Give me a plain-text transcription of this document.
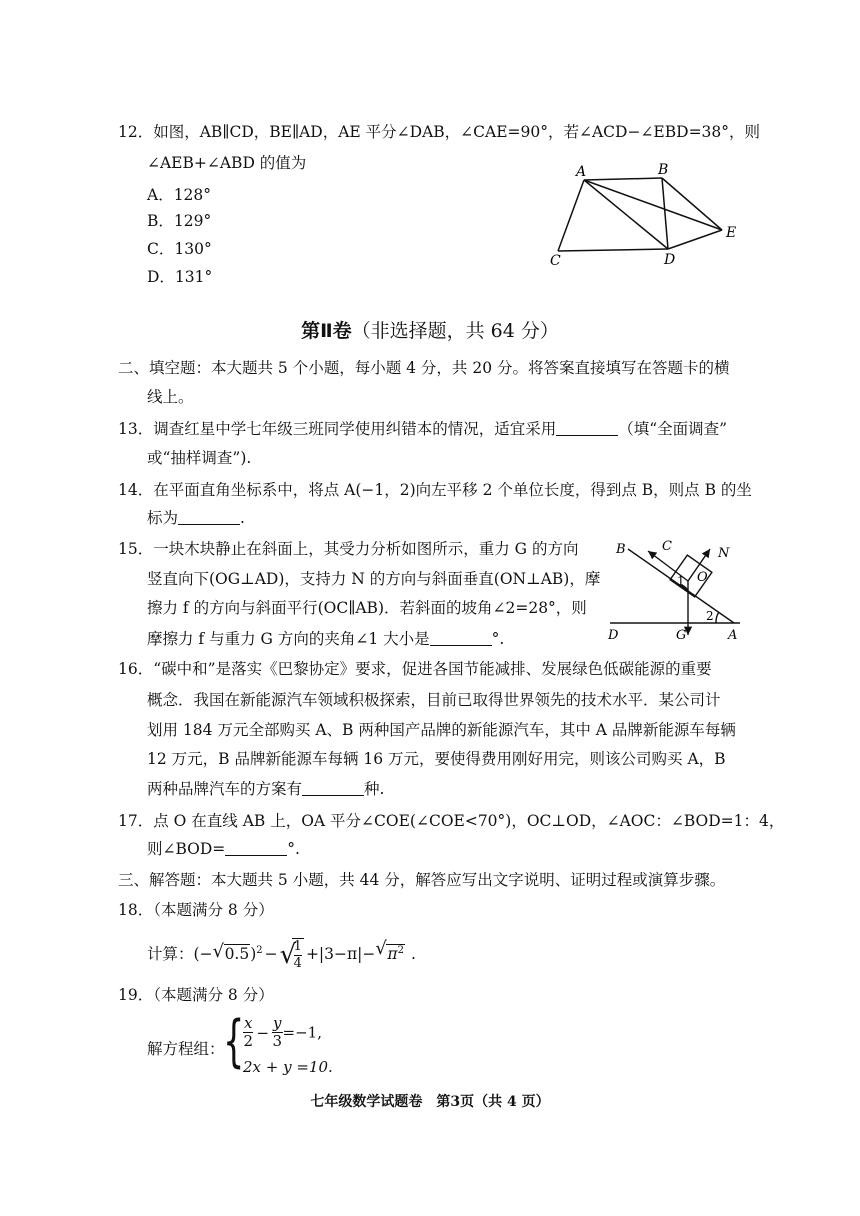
12．如图，AB∥CD，BE∥AD，AE 平分∠DAB，∠CAE=90°，若∠ACD−∠EBD=38°，则
∠AEB+∠ABD 的值为
A．128°
B．129°
C．130°
D．131°
A	B
C	D
E
第Ⅱ卷（非选择题，共 64 分）
二、填空题：本大题共 5 个小题，每小题 4 分，共 20 分。将答案直接填写在答题卡的横
线上。
13．调查红星中学七年级三班同学使用纠错本的情况，适宜采用	（填“全面调查”
或“抽样调查”).
14．在平面直角坐标系中，将点 A(−1，2)向左平移 2 个单位长度，得到点 B，则点 B 的坐
标为	.
15．一块木块静止在斜面上，其受力分析如图所示，重力 G 的方向
竖直向下(OG⊥AD)，支持力 N 的方向与斜面垂直(ON⊥AB)，摩
擦力 f 的方向与斜面平行(OC∥AB)．若斜面的坡角∠2=28°，则
摩擦力 f 与重力 G 方向的夹角∠1 大小是	°.
B	C	N
O
1
2
D	G	A
16．“碳中和”是落实《巴黎协定》要求，促进各国节能减排、发展绿色低碳能源的重要
概念．我国在新能源汽车领域积极探索，目前已取得世界领先的技术水平．某公司计
划用 184 万元全部购买 A、B 两种国产品牌的新能源汽车，其中 A 品牌新能源车每辆
12 万元，B 品牌新能源车每辆 16 万元，要使得费用刚好用完，则该公司购买 A，B
两种品牌汽车的方案有	种.
17．点 O 在直线 AB 上，OA 平分∠COE(∠COE<70°)，OC⊥OD，∠AOC：∠BOD=1：4，
则∠BOD=	°.
三、解答题：本大题共 5 小题，共 44 分，解答应写出文字说明、证明过程或演算步骤。
18．（本题满分 8 分）
计算：(− √ 0.5)$^2$ − √
$\frac{1}{4} +|3-\pi|-$ √ $\pi^2$ .
19．（本题满分 8 分）
解方程组：
{
$\frac{x}{2} - \frac{y}{3} =-1$,
2x + y =10.
七年级数学试题卷　第3页（共 4 页）
